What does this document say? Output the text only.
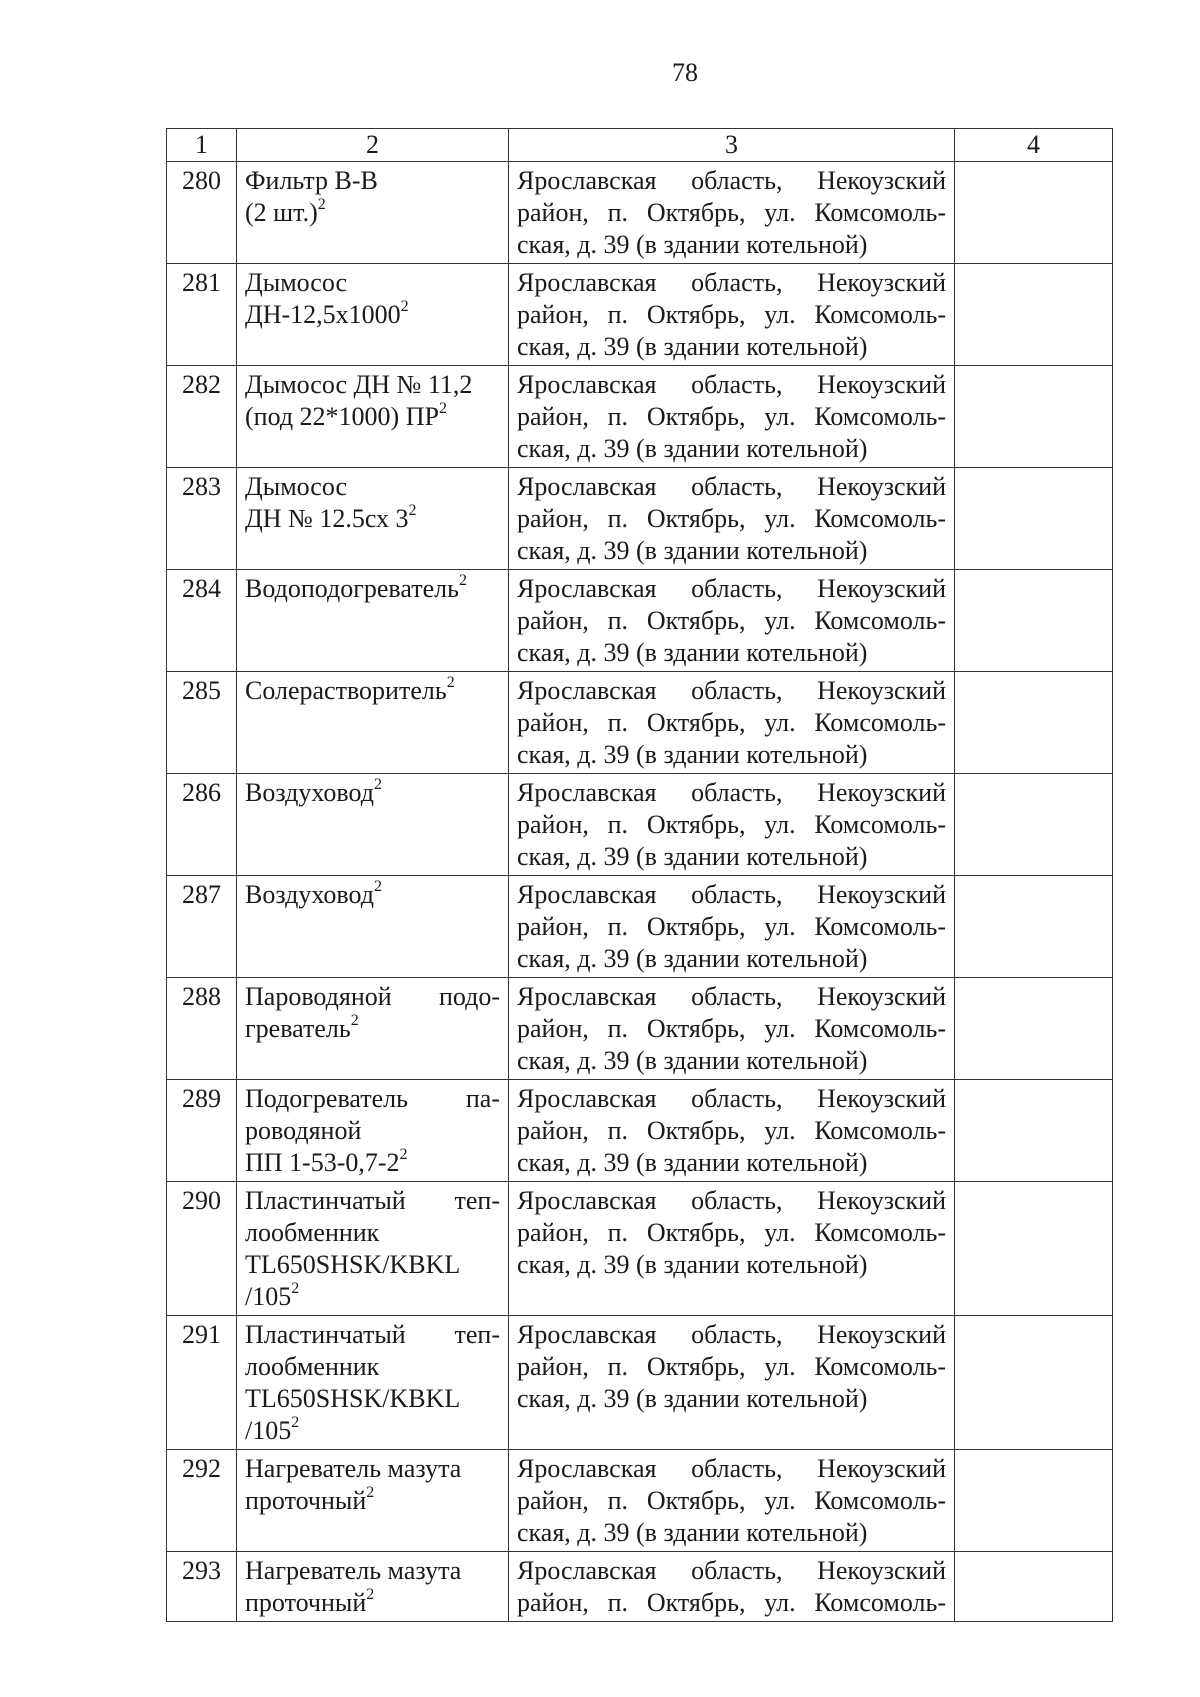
78
1	2	3	4
280	Фильтр В-В
(2 шт.)$^2$	Ярославская область, Некоузский
район, п. Октябрь, ул. Комсомоль-
ская, д. 39 (в здании котельной)	

281	Дымосос
ДН-12,5х1000$^2$	Ярославская область, Некоузский
район, п. Октябрь, ул. Комсомоль-
ская, д. 39 (в здании котельной)	

282	Дымосос ДН № 11,2
(под 22*1000) ПР$^2$	Ярославская область, Некоузский
район, п. Октябрь, ул. Комсомоль-
ская, д. 39 (в здании котельной)	

283	Дымосос
ДН № 12.5сх 3$^2$	Ярославская область, Некоузский
район, п. Октябрь, ул. Комсомоль-
ская, д. 39 (в здании котельной)	

284	Водоподогреватель$^2$	Ярославская область, Некоузский
район, п. Октябрь, ул. Комсомоль-
ская, д. 39 (в здании котельной)	

285	Солерастворитель$^2$	Ярославская область, Некоузский
район, п. Октябрь, ул. Комсомоль-
ская, д. 39 (в здании котельной)	

286	Воздуховод$^2$	Ярославская область, Некоузский
район, п. Октябрь, ул. Комсомоль-
ская, д. 39 (в здании котельной)	

287	Воздуховод$^2$	Ярославская область, Некоузский
район, п. Октябрь, ул. Комсомоль-
ская, д. 39 (в здании котельной)	

288	Пароводяной подо-
греватель$^2$	Ярославская область, Некоузский
район, п. Октябрь, ул. Комсомоль-
ская, д. 39 (в здании котельной)	

289	Подогреватель па-
роводяной
ПП 1-53-0,7-2$^2$	Ярославская область, Некоузский
район, п. Октябрь, ул. Комсомоль-
ская, д. 39 (в здании котельной)	

290	Пластинчатый теп-
лообменник
TL650SHSK/KBKL
/105$^2$	Ярославская область, Некоузский
район, п. Октябрь, ул. Комсомоль-
ская, д. 39 (в здании котельной)	

291	Пластинчатый теп-
лообменник
TL650SHSK/KBKL
/105$^2$	Ярославская область, Некоузский
район, п. Октябрь, ул. Комсомоль-
ская, д. 39 (в здании котельной)	

292	Нагреватель мазута
проточный$^2$	Ярославская область, Некоузский
район, п. Октябрь, ул. Комсомоль-
ская, д. 39 (в здании котельной)	

293	Нагреватель мазута
проточный$^2$	Ярославская область, Некоузский
район, п. Октябрь, ул. Комсомоль-	
